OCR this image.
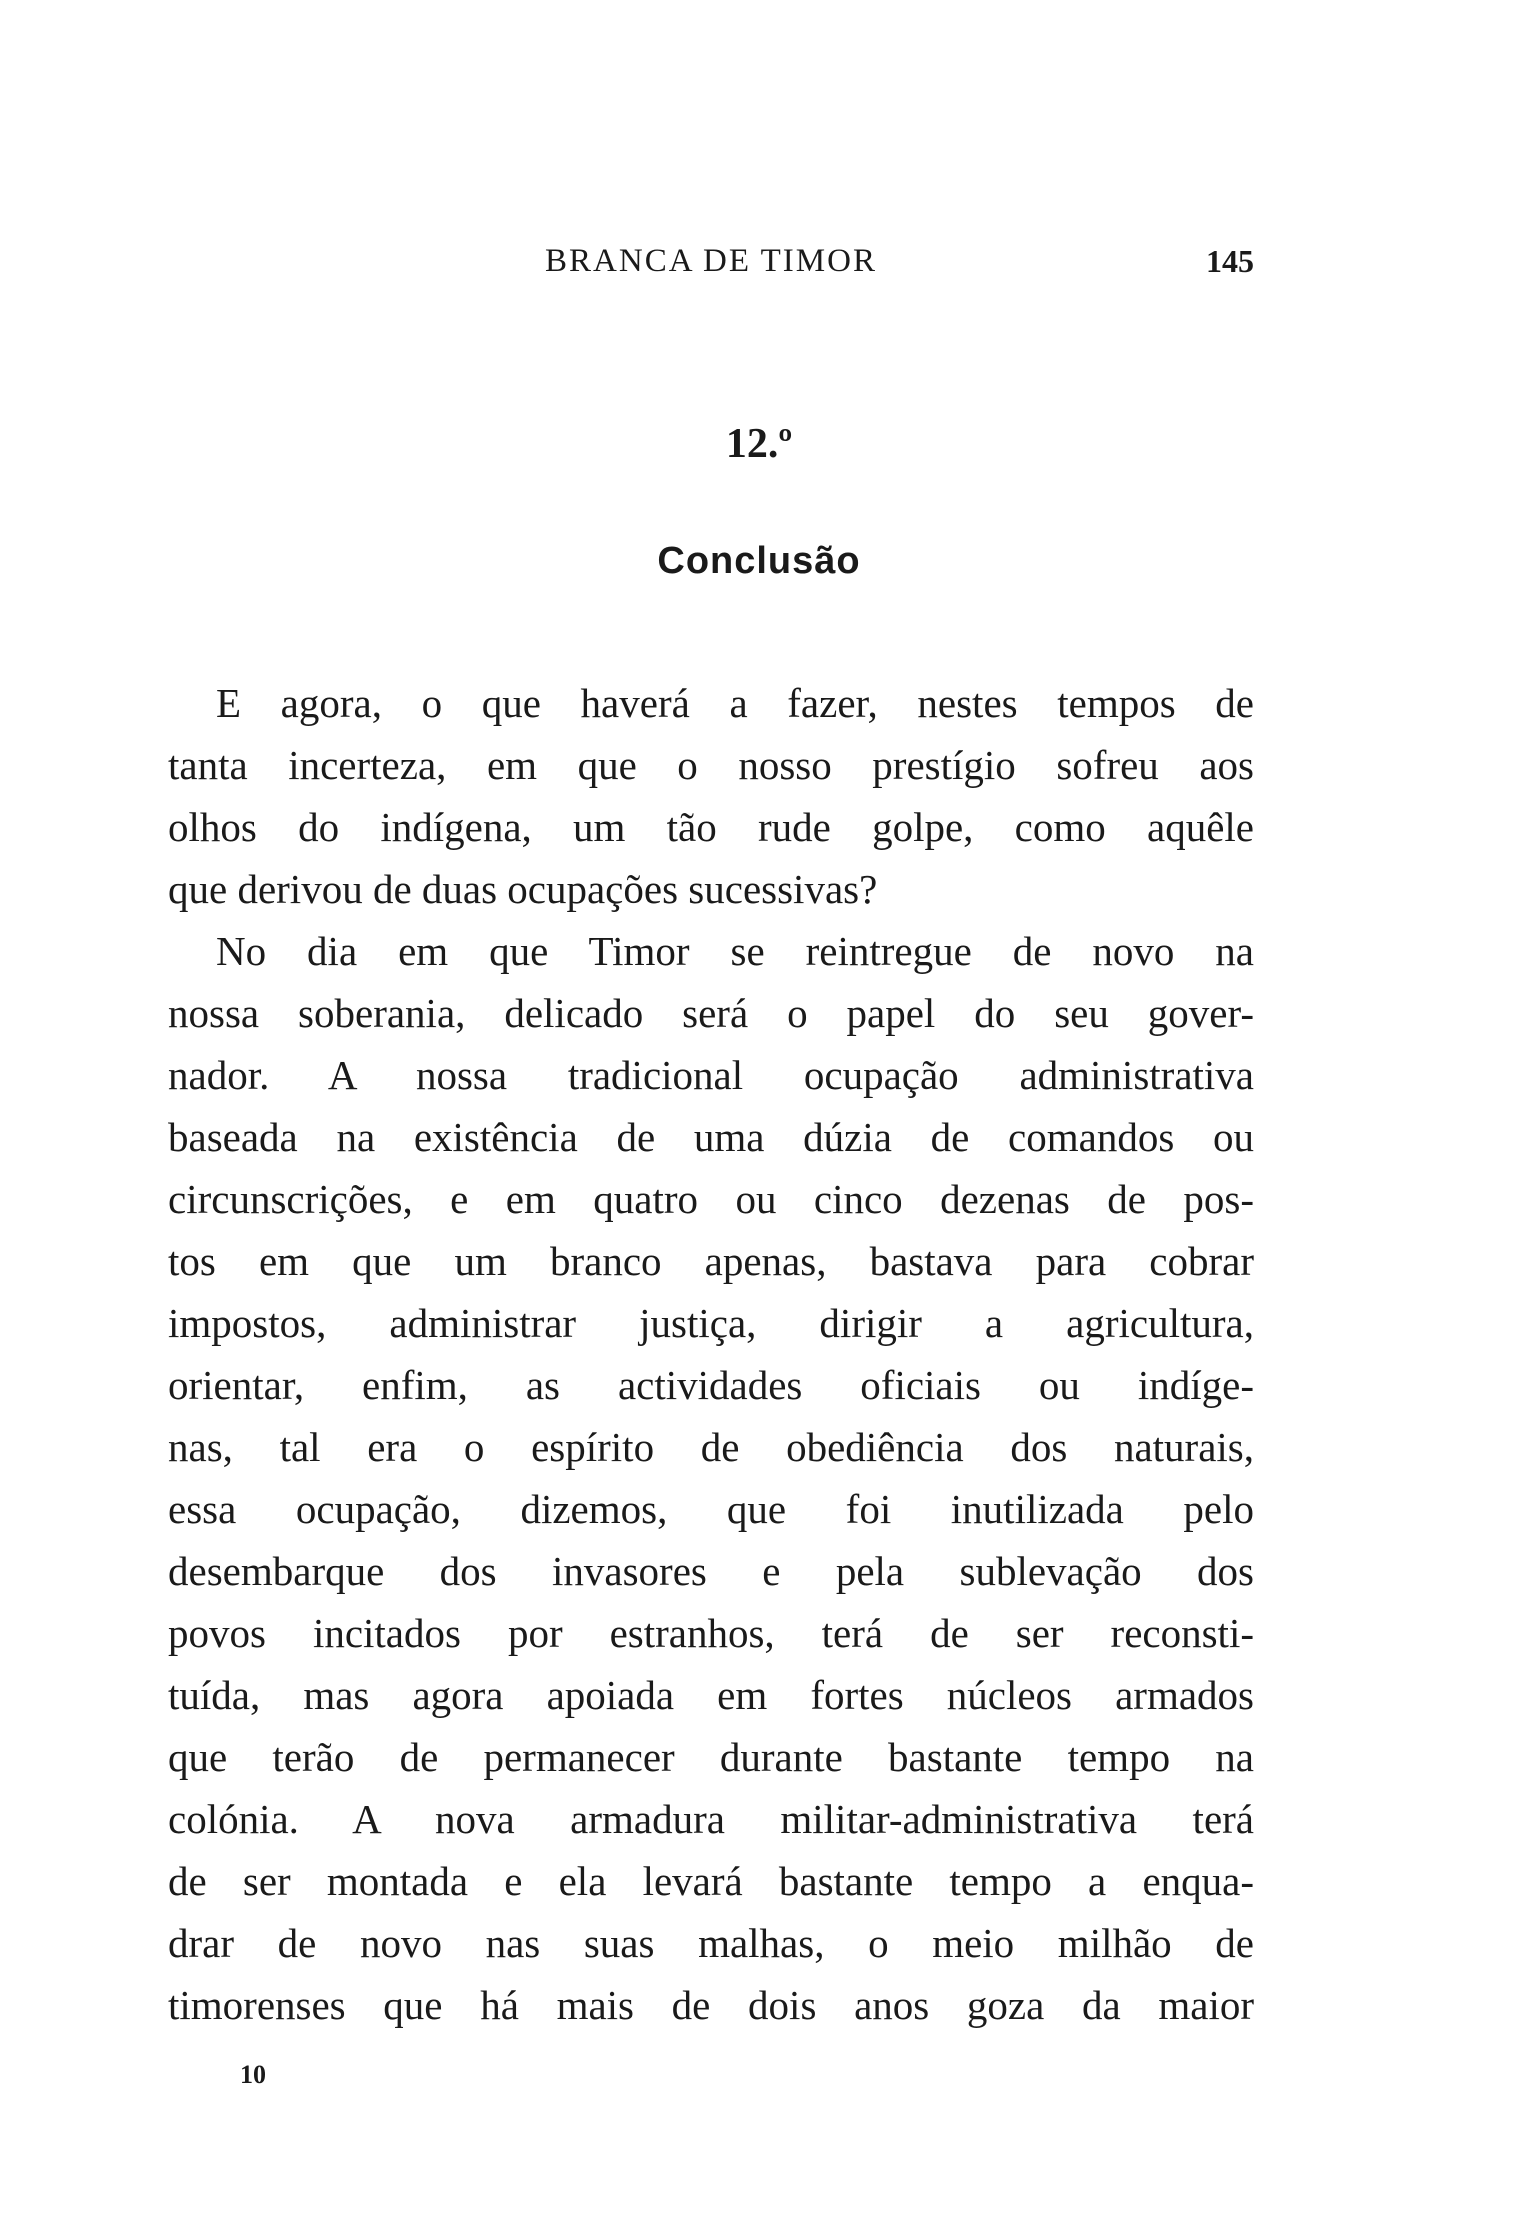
BRANCA DE TIMOR	145
12.º
Conclusão
E agora, o que haverá a fazer, nestes tempos de
tanta incerteza, em que o nosso prestígio sofreu aos
olhos do indígena, um tão rude golpe, como aquêle
que derivou de duas ocupações sucessivas?
No dia em que Timor se reintregue de novo na
nossa soberania, delicado será o papel do seu gover-
nador. A nossa tradicional ocupação administrativa
baseada na existência de uma dúzia de comandos ou
circunscrições, e em quatro ou cinco dezenas de pos-
tos em que um branco apenas, bastava para cobrar
impostos, administrar justiça, dirigir a agricultura,
orientar, enfim, as actividades oficiais ou indíge-
nas, tal era o espírito de obediência dos naturais,
essa ocupação, dizemos, que foi inutilizada pelo
desembarque dos invasores e pela sublevação dos
povos incitados por estranhos, terá de ser reconsti-
tuída, mas agora apoiada em fortes núcleos armados
que terão de permanecer durante bastante tempo na
colónia. A nova armadura militar-administrativa terá
de ser montada e ela levará bastante tempo a enqua-
drar de novo nas suas malhas, o meio milhão de
timorenses que há mais de dois anos goza da maior
10
